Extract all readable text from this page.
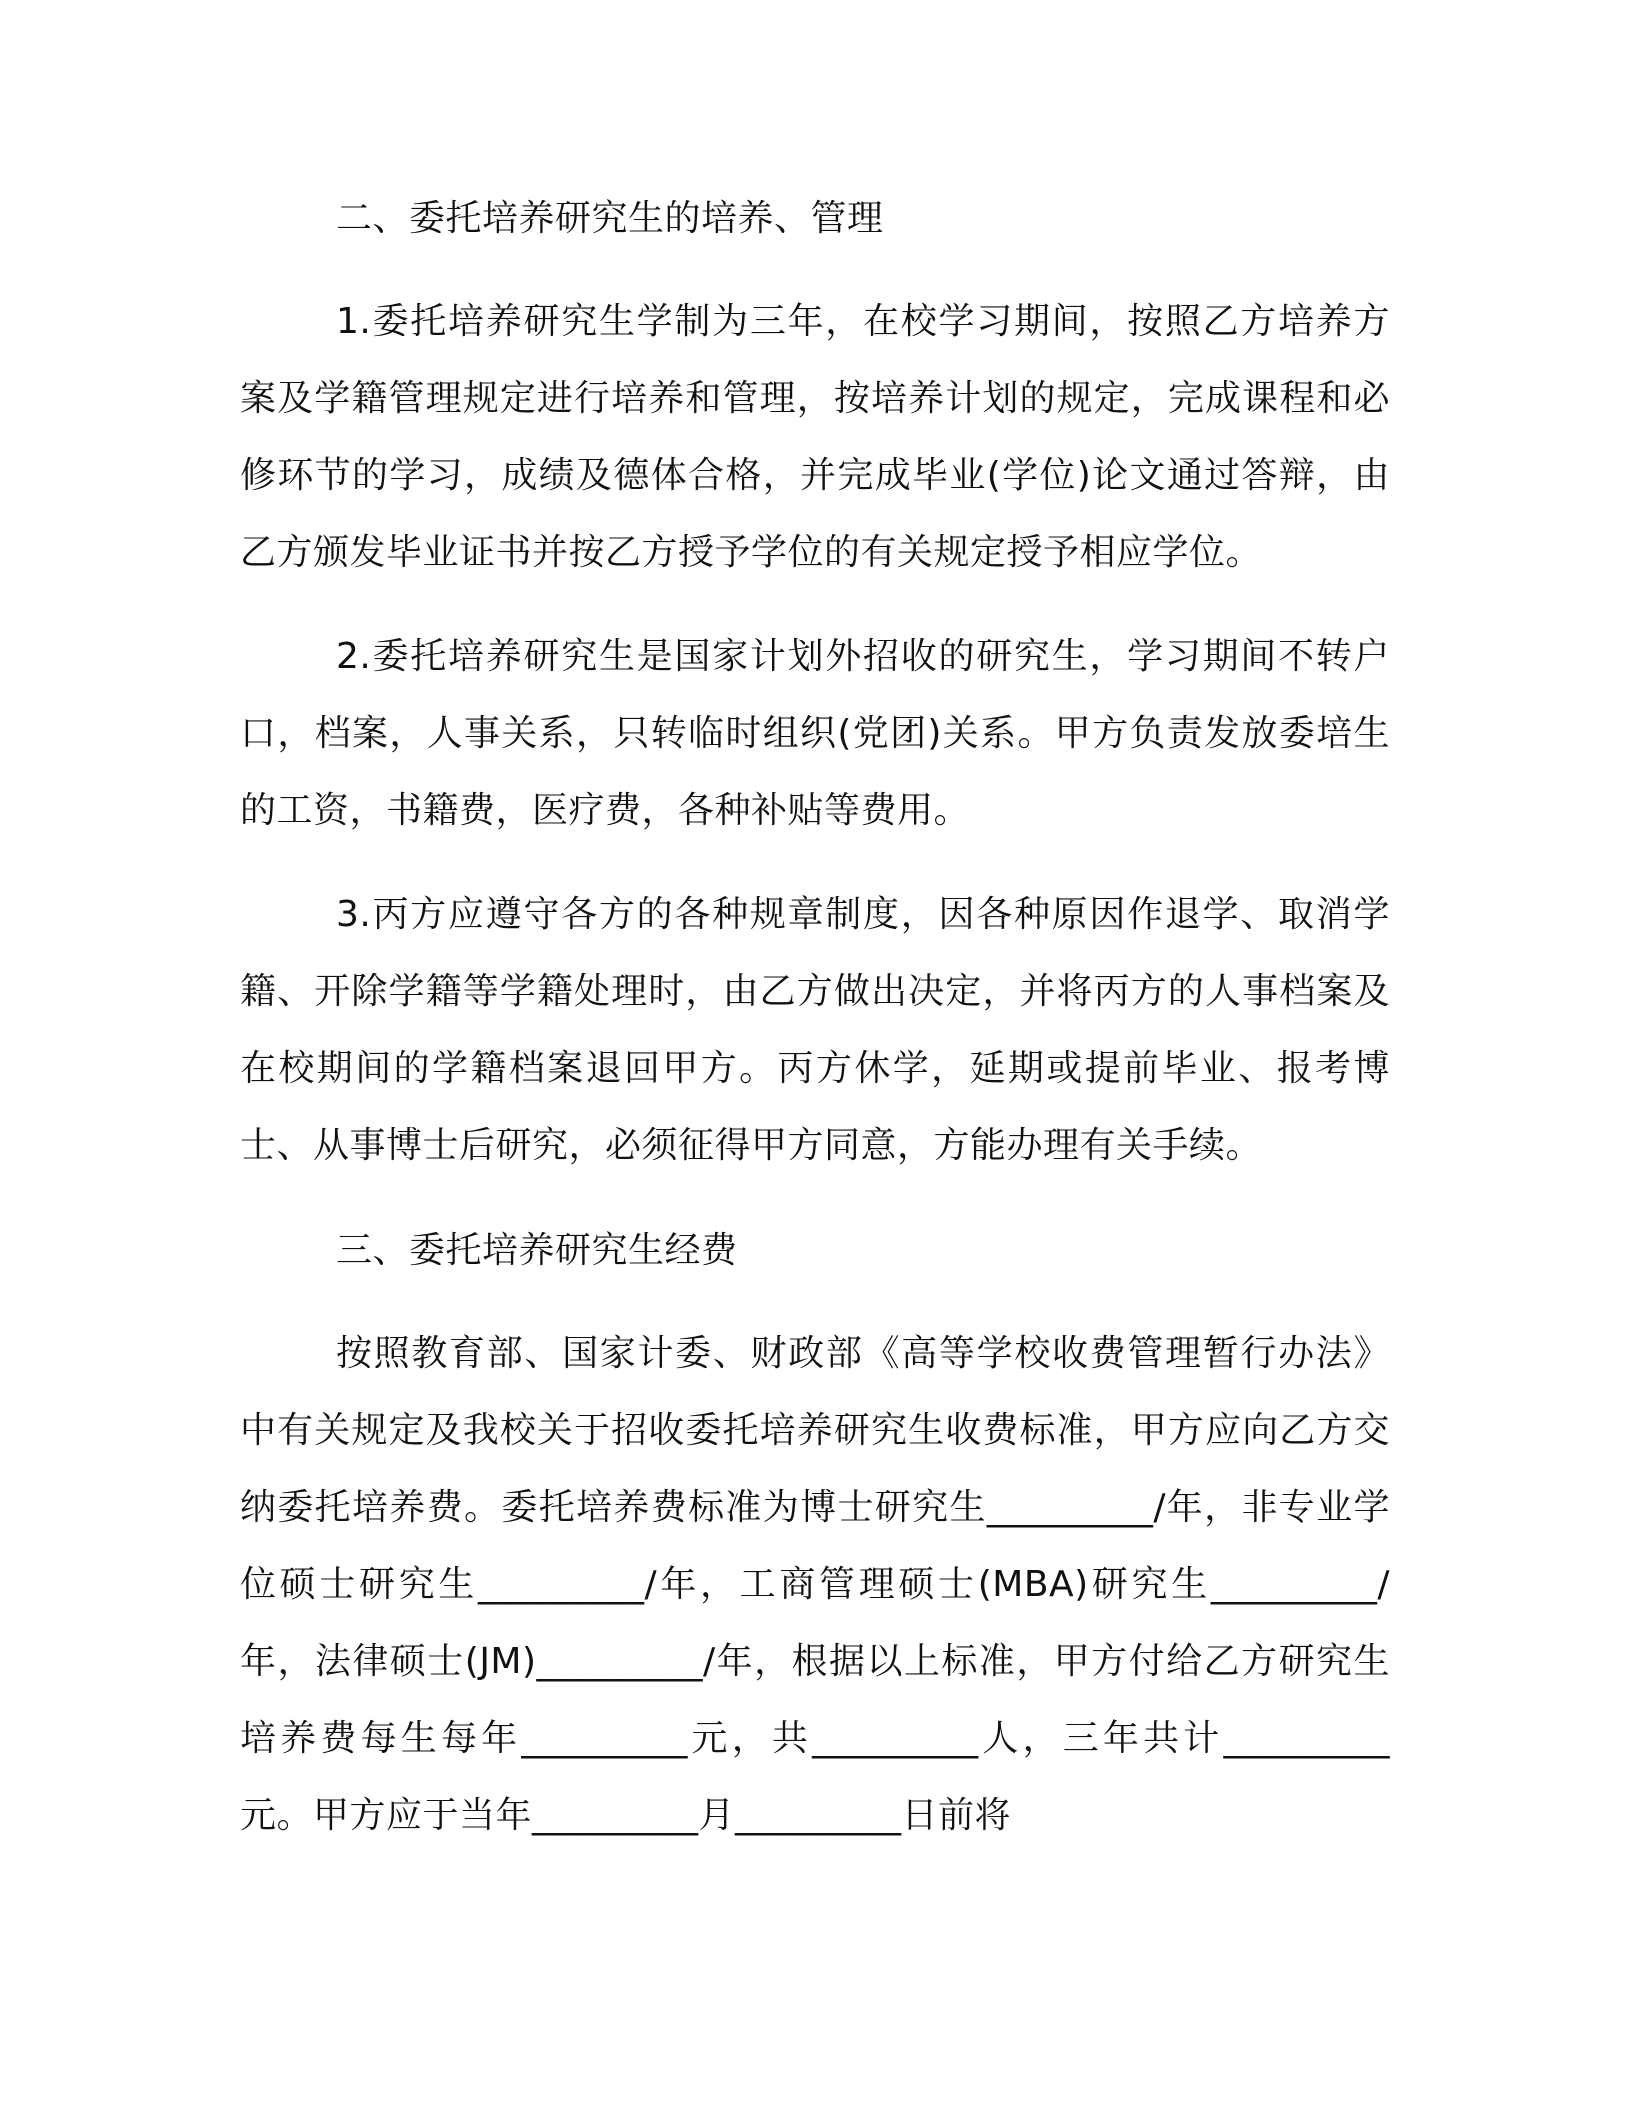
二、委托培养研究生的培养、管理

1.委托培养研究生学制为三年，在校学习期间，按照乙方培养方案及学籍管理规定进行培养和管理，按培养计划的规定，完成课程和必修环节的学习，成绩及德体合格，并完成毕业(学位)论文通过答辩，由乙方颁发毕业证书并按乙方授予学位的有关规定授予相应学位。

2.委托培养研究生是国家计划外招收的研究生，学习期间不转户口，档案，人事关系，只转临时组织(党团)关系。甲方负责发放委培生的工资，书籍费，医疗费，各种补贴等费用。

3.丙方应遵守各方的各种规章制度，因各种原因作退学、取消学籍、开除学籍等学籍处理时，由乙方做出决定，并将丙方的人事档案及在校期间的学籍档案退回甲方。丙方休学，延期或提前毕业、报考博士、从事博士后研究，必须征得甲方同意，方能办理有关手续。

三、委托培养研究生经费

按照教育部、国家计委、财政部《高等学校收费管理暂行办法》中有关规定及我校关于招收委托培养研究生收费标准，甲方应向乙方交纳委托培养费。委托培养费标准为博士研究生_________/年，非专业学位硕士研究生_________/年，工商管理硕士(MBA)研究生_________/年，法律硕士(JM)_________/年，根据以上标准，甲方付给乙方研究生培养费每生每年_________元，共_________人，三年共计_________元。甲方应于当年_________月_________日前将
